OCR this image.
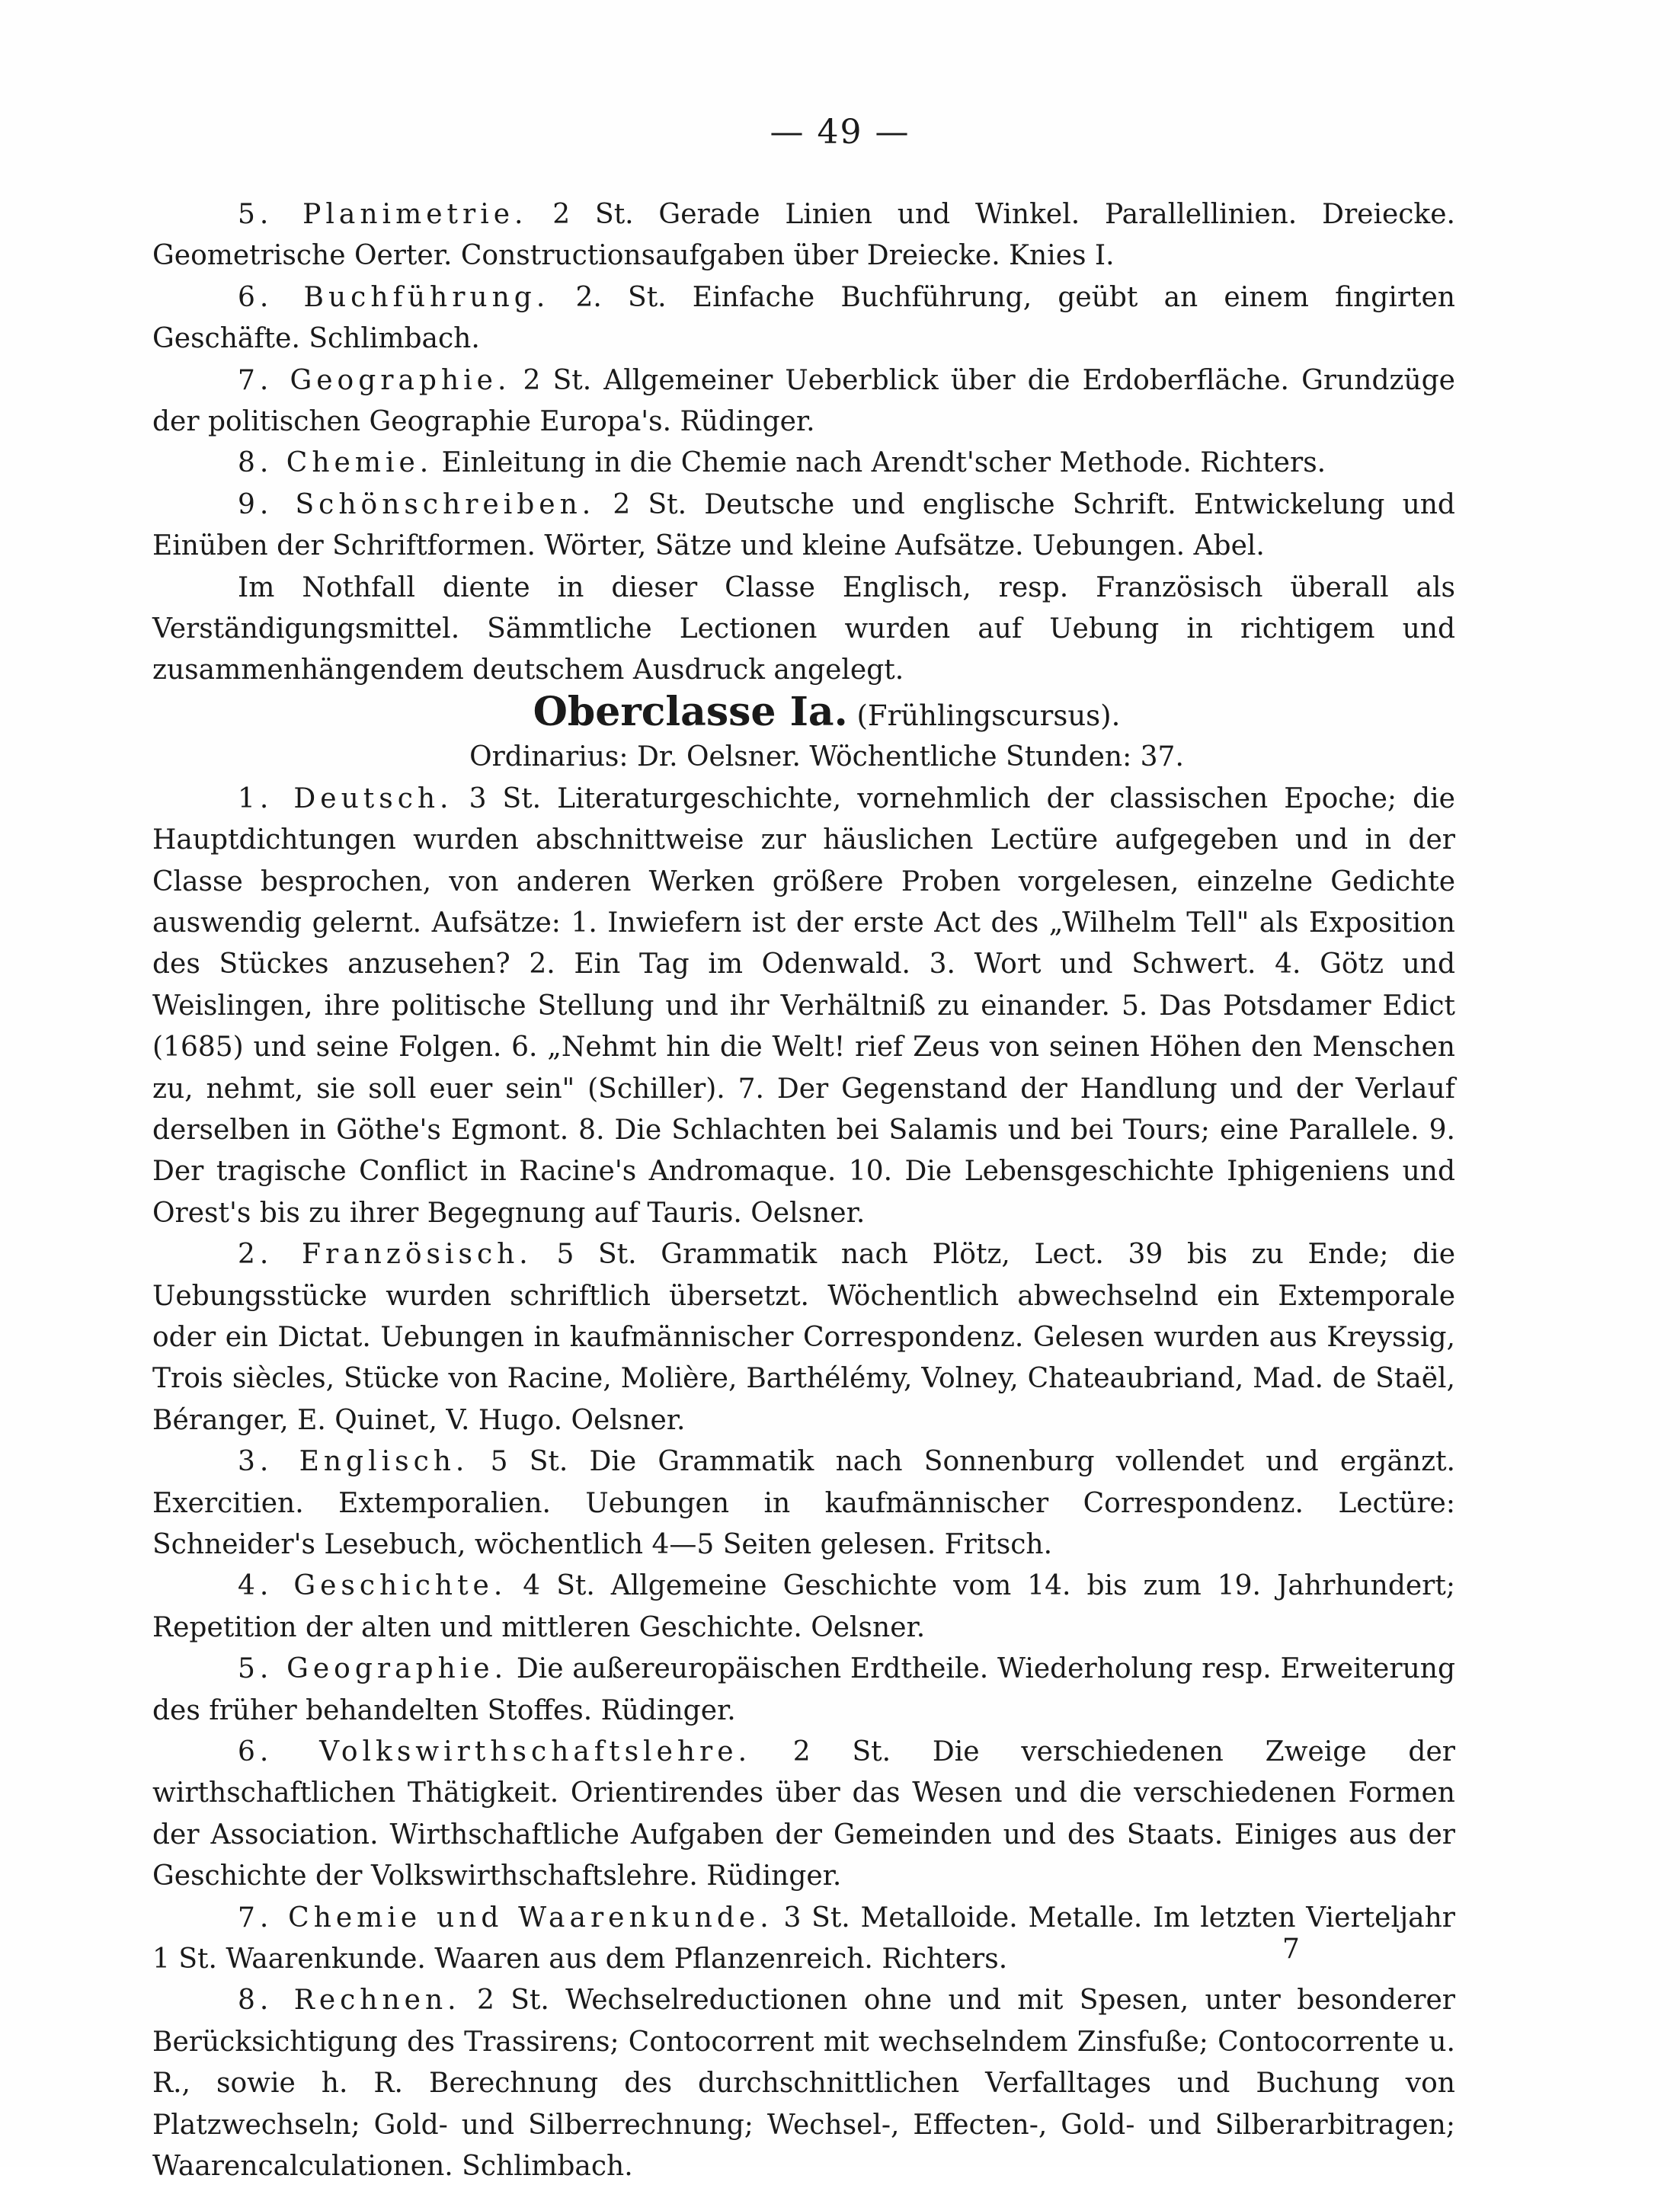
— 49 —

5. Planimetrie. 2 St. Gerade Linien und Winkel. Parallellinien. Dreiecke. Geometrische Oerter. Constructionsaufgaben über Dreiecke. Knies I.

6. Buchführung. 2. St. Einfache Buchführung, geübt an einem fingirten Geschäfte. Schlimbach.

7. Geographie. 2 St. Allgemeiner Ueberblick über die Erdoberfläche. Grundzüge der politischen Geographie Europa's. Rüdinger.

8. Chemie. Einleitung in die Chemie nach Arendt'scher Methode. Richters.

9. Schönschreiben. 2 St. Deutsche und englische Schrift. Entwickelung und Einüben der Schriftformen. Wörter, Sätze und kleine Aufsätze. Uebungen. Abel.

Im Nothfall diente in dieser Classe Englisch, resp. Französisch überall als Verständigungsmittel. Sämmtliche Lectionen wurden auf Uebung in richtigem und zusammenhängendem deutschem Ausdruck angelegt.

Oberclasse Ia. (Frühlingscursus).

Ordinarius: Dr. Oelsner. Wöchentliche Stunden: 37.

1. Deutsch. 3 St. Literaturgeschichte, vornehmlich der classischen Epoche; die Hauptdichtungen wurden abschnittweise zur häuslichen Lectüre aufgegeben und in der Classe besprochen, von anderen Werken größere Proben vorgelesen, einzelne Gedichte auswendig gelernt. Aufsätze: 1. Inwiefern ist der erste Act des „Wilhelm Tell" als Exposition des Stückes anzusehen? 2. Ein Tag im Odenwald. 3. Wort und Schwert. 4. Götz und Weislingen, ihre politische Stellung und ihr Verhältniß zu einander. 5. Das Potsdamer Edict (1685) und seine Folgen. 6. „Nehmt hin die Welt! rief Zeus von seinen Höhen den Menschen zu, nehmt, sie soll euer sein" (Schiller). 7. Der Gegenstand der Handlung und der Verlauf derselben in Göthe's Egmont. 8. Die Schlachten bei Salamis und bei Tours; eine Parallele. 9. Der tragische Conflict in Racine's Andromaque. 10. Die Lebensgeschichte Iphigeniens und Orest's bis zu ihrer Begegnung auf Tauris. Oelsner.

2. Französisch. 5 St. Grammatik nach Plötz, Lect. 39 bis zu Ende; die Uebungsstücke wurden schriftlich übersetzt. Wöchentlich abwechselnd ein Extemporale oder ein Dictat. Uebungen in kaufmännischer Correspondenz. Gelesen wurden aus Kreyssig, Trois siècles, Stücke von Racine, Molière, Barthélémy, Volney, Chateaubriand, Mad. de Staël, Béranger, E. Quinet, V. Hugo. Oelsner.

3. Englisch. 5 St. Die Grammatik nach Sonnenburg vollendet und ergänzt. Exercitien. Extemporalien. Uebungen in kaufmännischer Correspondenz. Lectüre: Schneider's Lesebuch, wöchentlich 4—5 Seiten gelesen. Fritsch.

4. Geschichte. 4 St. Allgemeine Geschichte vom 14. bis zum 19. Jahrhundert; Repetition der alten und mittleren Geschichte. Oelsner.

5. Geographie. Die außereuropäischen Erdtheile. Wiederholung resp. Erweiterung des früher behandelten Stoffes. Rüdinger.

6. Volkswirthschaftslehre. 2 St. Die verschiedenen Zweige der wirthschaftlichen Thätigkeit. Orientirendes über das Wesen und die verschiedenen Formen der Association. Wirthschaftliche Aufgaben der Gemeinden und des Staats. Einiges aus der Geschichte der Volkswirthschaftslehre. Rüdinger.

7. Chemie und Waarenkunde. 3 St. Metalloide. Metalle. Im letzten Vierteljahr 1 St. Waarenkunde. Waaren aus dem Pflanzenreich. Richters.

8. Rechnen. 2 St. Wechselreductionen ohne und mit Spesen, unter besonderer Berücksichtigung des Trassirens; Contocorrent mit wechselndem Zinsfuße; Contocorrente u. R., sowie h. R. Berechnung des durchschnittlichen Verfalltages und Buchung von Platzwechseln; Gold- und Silberrechnung; Wechsel-, Effecten-, Gold- und Silberarbitragen; Waarencalculationen. Schlimbach.

7
